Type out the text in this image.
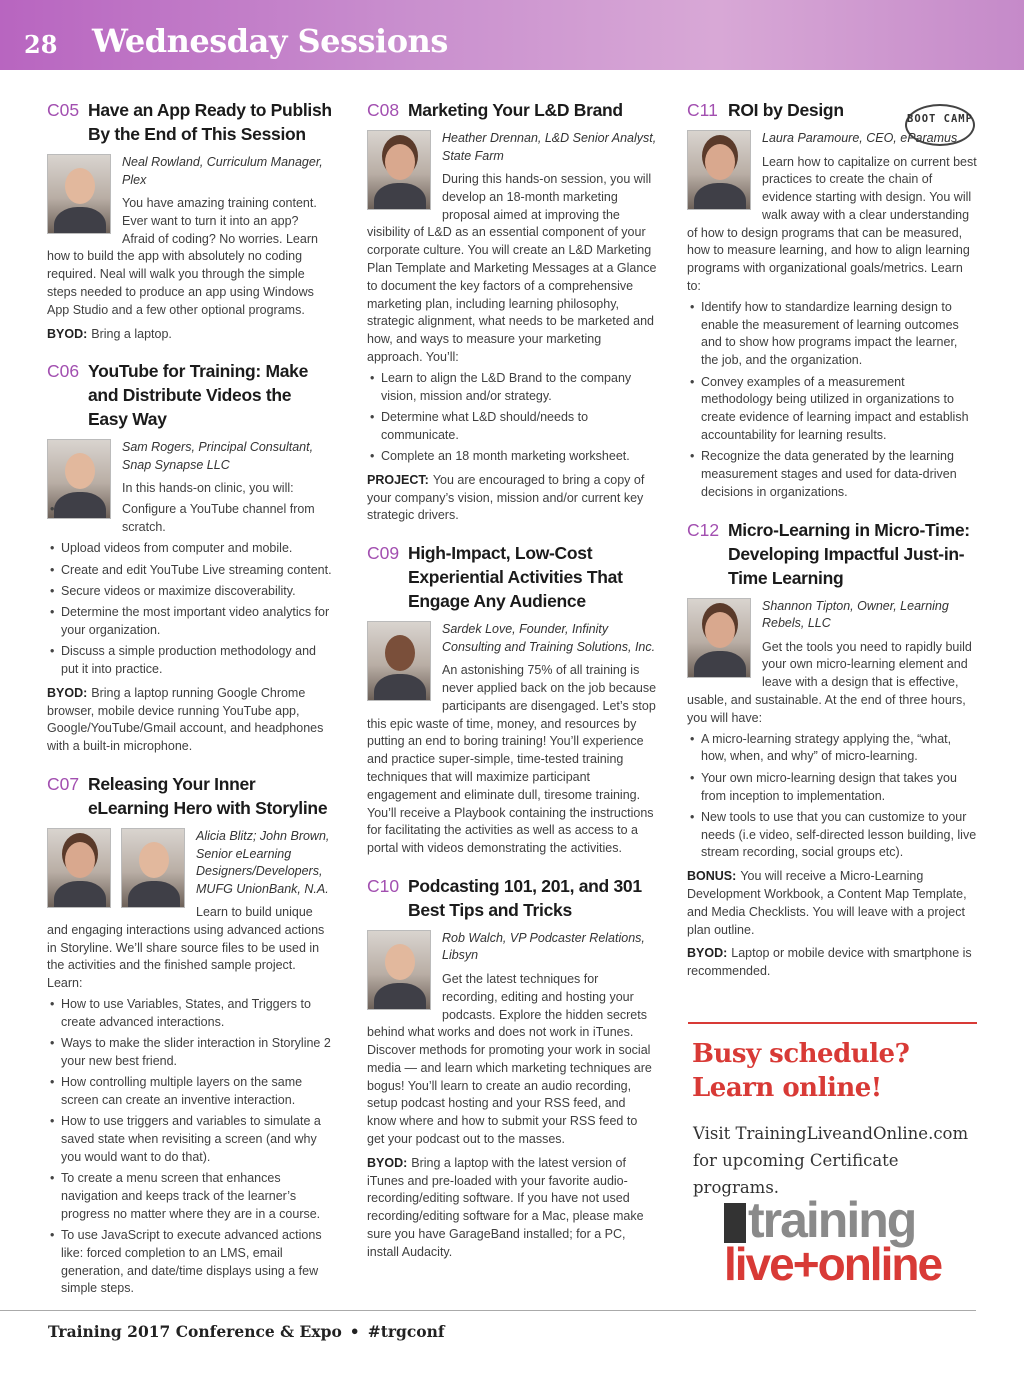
28 Wednesday Sessions
C05 Have an App Ready to Publish By the End of This Session
Neal Rowland, Curriculum Manager, Plex

You have amazing training content. Ever want to turn it into an app? Afraid of coding? No worries. Learn how to build the app with absolutely no coding required. Neal will walk you through the simple steps needed to produce an app using Windows App Studio and a few other optional programs.

BYOD: Bring a laptop.
C06 YouTube for Training: Make and Distribute Videos the Easy Way
Sam Rogers, Principal Consultant, Snap Synapse LLC

In this hands-on clinic, you will:

• Configure a YouTube channel from scratch.
• Upload videos from computer and mobile.
• Create and edit YouTube Live streaming content.
• Secure videos or maximize discoverability.
• Determine the most important video analytics for your organization.
• Discuss a simple production methodology and put it into practice.
BYOD: Bring a laptop running Google Chrome browser, mobile device running YouTube app, Google/YouTube/Gmail account, and headphones with a built-in microphone.
C07 Releasing Your Inner eLearning Hero with Storyline
Alicia Blitz; John Brown, Senior eLearning Designers/Developers, MUFG UnionBank, N.A.

Learn to build unique and engaging interactions using advanced actions in Storyline. We’ll share source files to be used in the activities and the finished sample project. Learn:

• How to use Variables, States, and Triggers to create advanced interactions.
• Ways to make the slider interaction in Storyline 2 your new best friend.
• How controlling multiple layers on the same screen can create an inventive interaction.
• How to use triggers and variables to simulate a saved state when revisiting a screen (and why you would want to do that).
• To create a menu screen that enhances navigation and keeps track of the learner’s progress no matter where they are in a course.
• To use JavaScript to execute advanced actions like: forced completion to an LMS, email generation, and date/time displays using a few simple steps.
C08 Marketing Your L&D Brand
Heather Drennan, L&D Senior Analyst, State Farm

During this hands-on session, you will develop an 18-month marketing proposal aimed at improving the visibility of L&D as an essential component of your corporate culture. You will create an L&D Marketing Plan Template and Marketing Messages at a Glance to document the key factors of a comprehensive marketing plan, including learning philosophy, strategic alignment, what needs to be marketed and how, and ways to measure your marketing approach. You’ll:

• Learn to align the L&D Brand to the company vision, mission and/or strategy.
• Determine what L&D should/needs to communicate.
• Complete an 18 month marketing worksheet.
PROJECT: You are encouraged to bring a copy of your company’s vision, mission and/or current key strategic drivers.
C09 High-Impact, Low-Cost Experiential Activities That Engage Any Audience
Sardek Love, Founder, Infinity Consulting and Training Solutions, Inc.

An astonishing 75% of all training is never applied back on the job because participants are disengaged. Let’s stop this epic waste of time, money, and resources by putting an end to boring training! You’ll experience and practice super-simple, time-tested training techniques that will maximize participant engagement and eliminate dull, tiresome training. You’ll receive a Playbook containing the instructions for facilitating the activities as well as access to a portal with videos demonstrating the activities.

C10 Podcasting 101, 201, and 301 Best Tips and Tricks
Rob Walch, VP Podcaster Relations, Libsyn

Get the latest techniques for recording, editing and hosting your podcasts. Explore the hidden secrets behind what works and does not work in iTunes. Discover methods for promoting your work in social media — and learn which marketing techniques are bogus! You’ll learn to create an audio recording, setup podcast hosting and your RSS feed, and know where and how to submit your RSS feed to get your podcast out to the masses.

BYOD: Bring a laptop with the latest version of iTunes and pre-loaded with your favorite audio-recording/editing software. If you have not used recording/editing software for a Mac, please make sure you have GarageBand installed; for a PC, install Audacity.
C11 ROI by Design
Laura Paramoure, CEO, eParamus

Learn how to capitalize on current best practices to create the chain of evidence starting with design. You will walk away with a clear understanding of how to design programs that can be measured, how to measure learning, and how to align learning programs with organizational goals/metrics. Learn to:

• Identify how to standardize learning design to enable the measurement of learning outcomes and to show how programs impact the learner, the job, and the organization.
• Convey examples of a measurement methodology being utilized in organizations to create evidence of learning impact and establish accountability for learning results.
• Recognize the data generated by the learning measurement stages and used for data-driven decisions in organizations.
C12 Micro-Learning in Micro-Time: Developing Impactful Just-in-Time Learning
Shannon Tipton, Owner, Learning Rebels, LLC

Get the tools you need to rapidly build your own micro-learning element and leave with a design that is effective, usable, and sustainable. At the end of three hours, you will have:

• A micro-learning strategy applying the, “what, how, when, and why” of micro-learning.
• Your own micro-learning design that takes you from inception to implementation.
• New tools to use that you can customize to your needs (i.e video, self-directed lesson building, live stream recording, social groups etc).
BONUS: You will receive a Micro-Learning Development Workbook, a Content Map Template, and Media Checklists. You will leave with a project plan outline.
BYOD: Laptop or mobile device with smartphone is recommended.
BOOT CAMP
Busy schedule?
Learn online!
Visit TrainingLiveandOnline.com
for upcoming Certificate programs.
training
live+online
Training 2017 Conference & Expo • #trgconf
